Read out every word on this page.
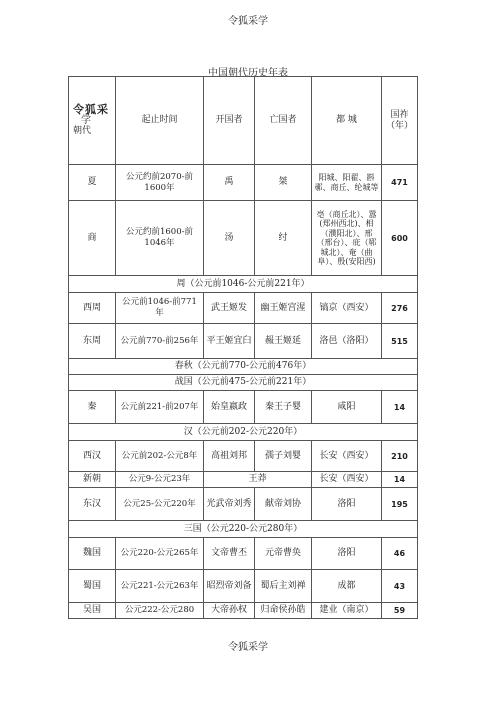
令狐采学
中国朝代历史年表
令狐采
学
朝代	起止时间	开国者	亡国者	都 城	国祚（年）
夏	公元约前2070-前1600年	禹	桀	阳城、阳翟、斟鄩、商丘、纶城等	471
商	公元约前1600-前1046年	汤	纣	亳（商丘北）、嚣(郑州西北)、相（濮阳北）、邢（邢台）、庇（郓城北）、奄（曲阜）、殷(安阳西)	600
周（公元前1046-公元前221年）					
西周	公元前1046-前771年	武王姬发	幽王姬宫湦	镐京（西安）	276
东周	公元前770-前256年	平王姬宜臼	赧王姬延	洛邑（洛阳）	515
春秋（公元前770-公元前476年）					
战国（公元前475-公元前221年）					
秦	公元前221-前207年	始皇嬴政	秦王子婴	咸阳	14
汉（公元前202-公元220年）					
西汉	公元前202-公元8年	高祖刘邦	孺子刘婴	长安（西安）	210
新朝	公元9-公元23年	王莽		长安（西安）	14
东汉	公元25-公元220年	光武帝刘秀	献帝刘协	洛阳	195
三国（公元220-公元280年）					
魏国	公元220-公元265年	文帝曹丕	元帝曹奂	洛阳	46
蜀国	公元221-公元263年	昭烈帝刘备	蜀后主刘禅	成都	43
吴国	公元222-公元280	大帝孙权	归命侯孙皓	建业（南京）	59
令狐采学
